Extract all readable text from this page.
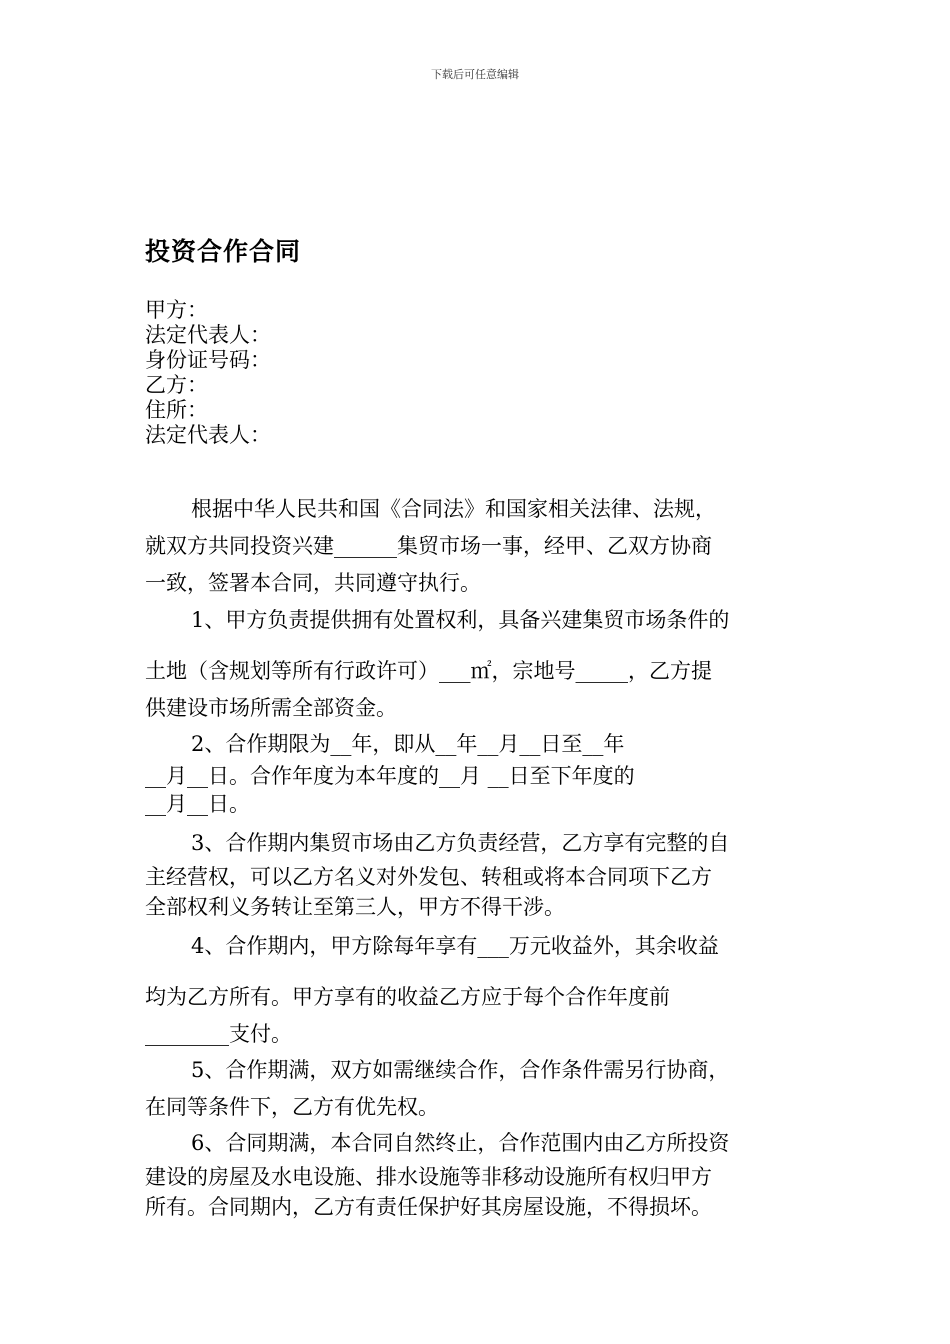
下载后可任意编辑
投资合作合同
甲方：
法定代表人：
身份证号码：
乙方：
住所：
法定代表人：
根据中华人民共和国《合同法》和国家相关法律、法规，
就双方共同投资兴建______集贸市场一事，经甲、乙双方协商
一致，签署本合同，共同遵守执行。
1、甲方负责提供拥有处置权利，具备兴建集贸市场条件的
土地（含规划等所有行政许可）___㎡，宗地号_____，乙方提
供建设市场所需全部资金。
2、合作期限为__年，即从__年__月__日至__年
__月__日。合作年度为本年度的__月 __日至下年度的
__月__日。
3、合作期内集贸市场由乙方负责经营，乙方享有完整的自
主经营权，可以乙方名义对外发包、转租或将本合同项下乙方
全部权利义务转让至第三人，甲方不得干涉。
4、合作期内，甲方除每年享有___万元收益外，其余收益
均为乙方所有。甲方享有的收益乙方应于每个合作年度前
________支付。
5、合作期满，双方如需继续合作，合作条件需另行协商，
在同等条件下，乙方有优先权。
6、合同期满，本合同自然终止，合作范围内由乙方所投资
建设的房屋及水电设施、排水设施等非移动设施所有权归甲方
所有。合同期内，乙方有责任保护好其房屋设施，不得损坏。
